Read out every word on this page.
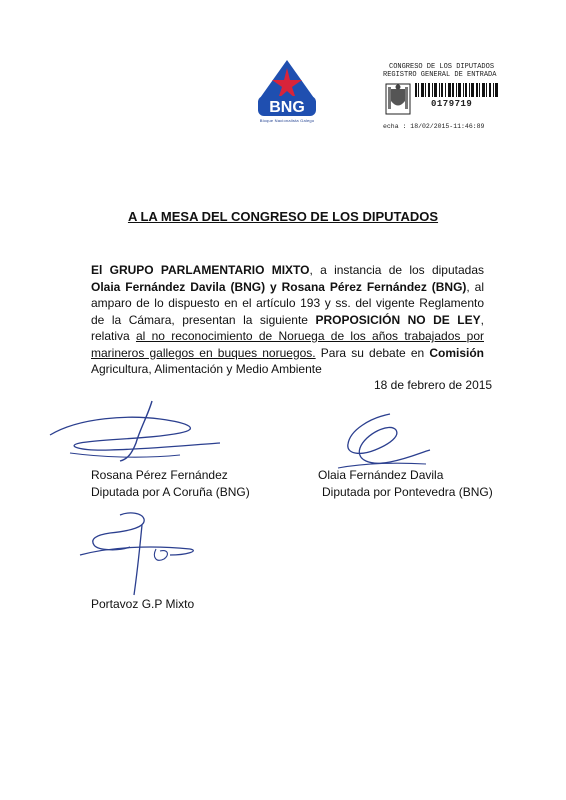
BNG
Bloque Nacionalista Galego
CONGRESO DE LOS DIPUTADOS
REGISTRO GENERAL DE ENTRADA
0179719
echa : 18/02/2015-11:46:89
A LA MESA DEL CONGRESO DE LOS DIPUTADOS
El GRUPO PARLAMENTARIO MIXTO, a instancia de los diputadas Olaia Fernández Davila (BNG) y Rosana Pérez Fernández (BNG), al amparo de lo dispuesto en el artículo 193 y ss. del vigente Reglamento de la Cámara, presentan la siguiente PROPOSICIÓN NO DE LEY, relativa al no reconocimiento de Noruega de los años trabajados por marineros gallegos en buques noruegos. Para su debate en Comisión Agricultura, Alimentación y Medio Ambiente
18 de febrero de 2015
Rosana Pérez Fernández
Diputada por A Coruña (BNG)
Olaia Fernández Davila
Diputada por Pontevedra (BNG)
Portavoz G.P Mixto
